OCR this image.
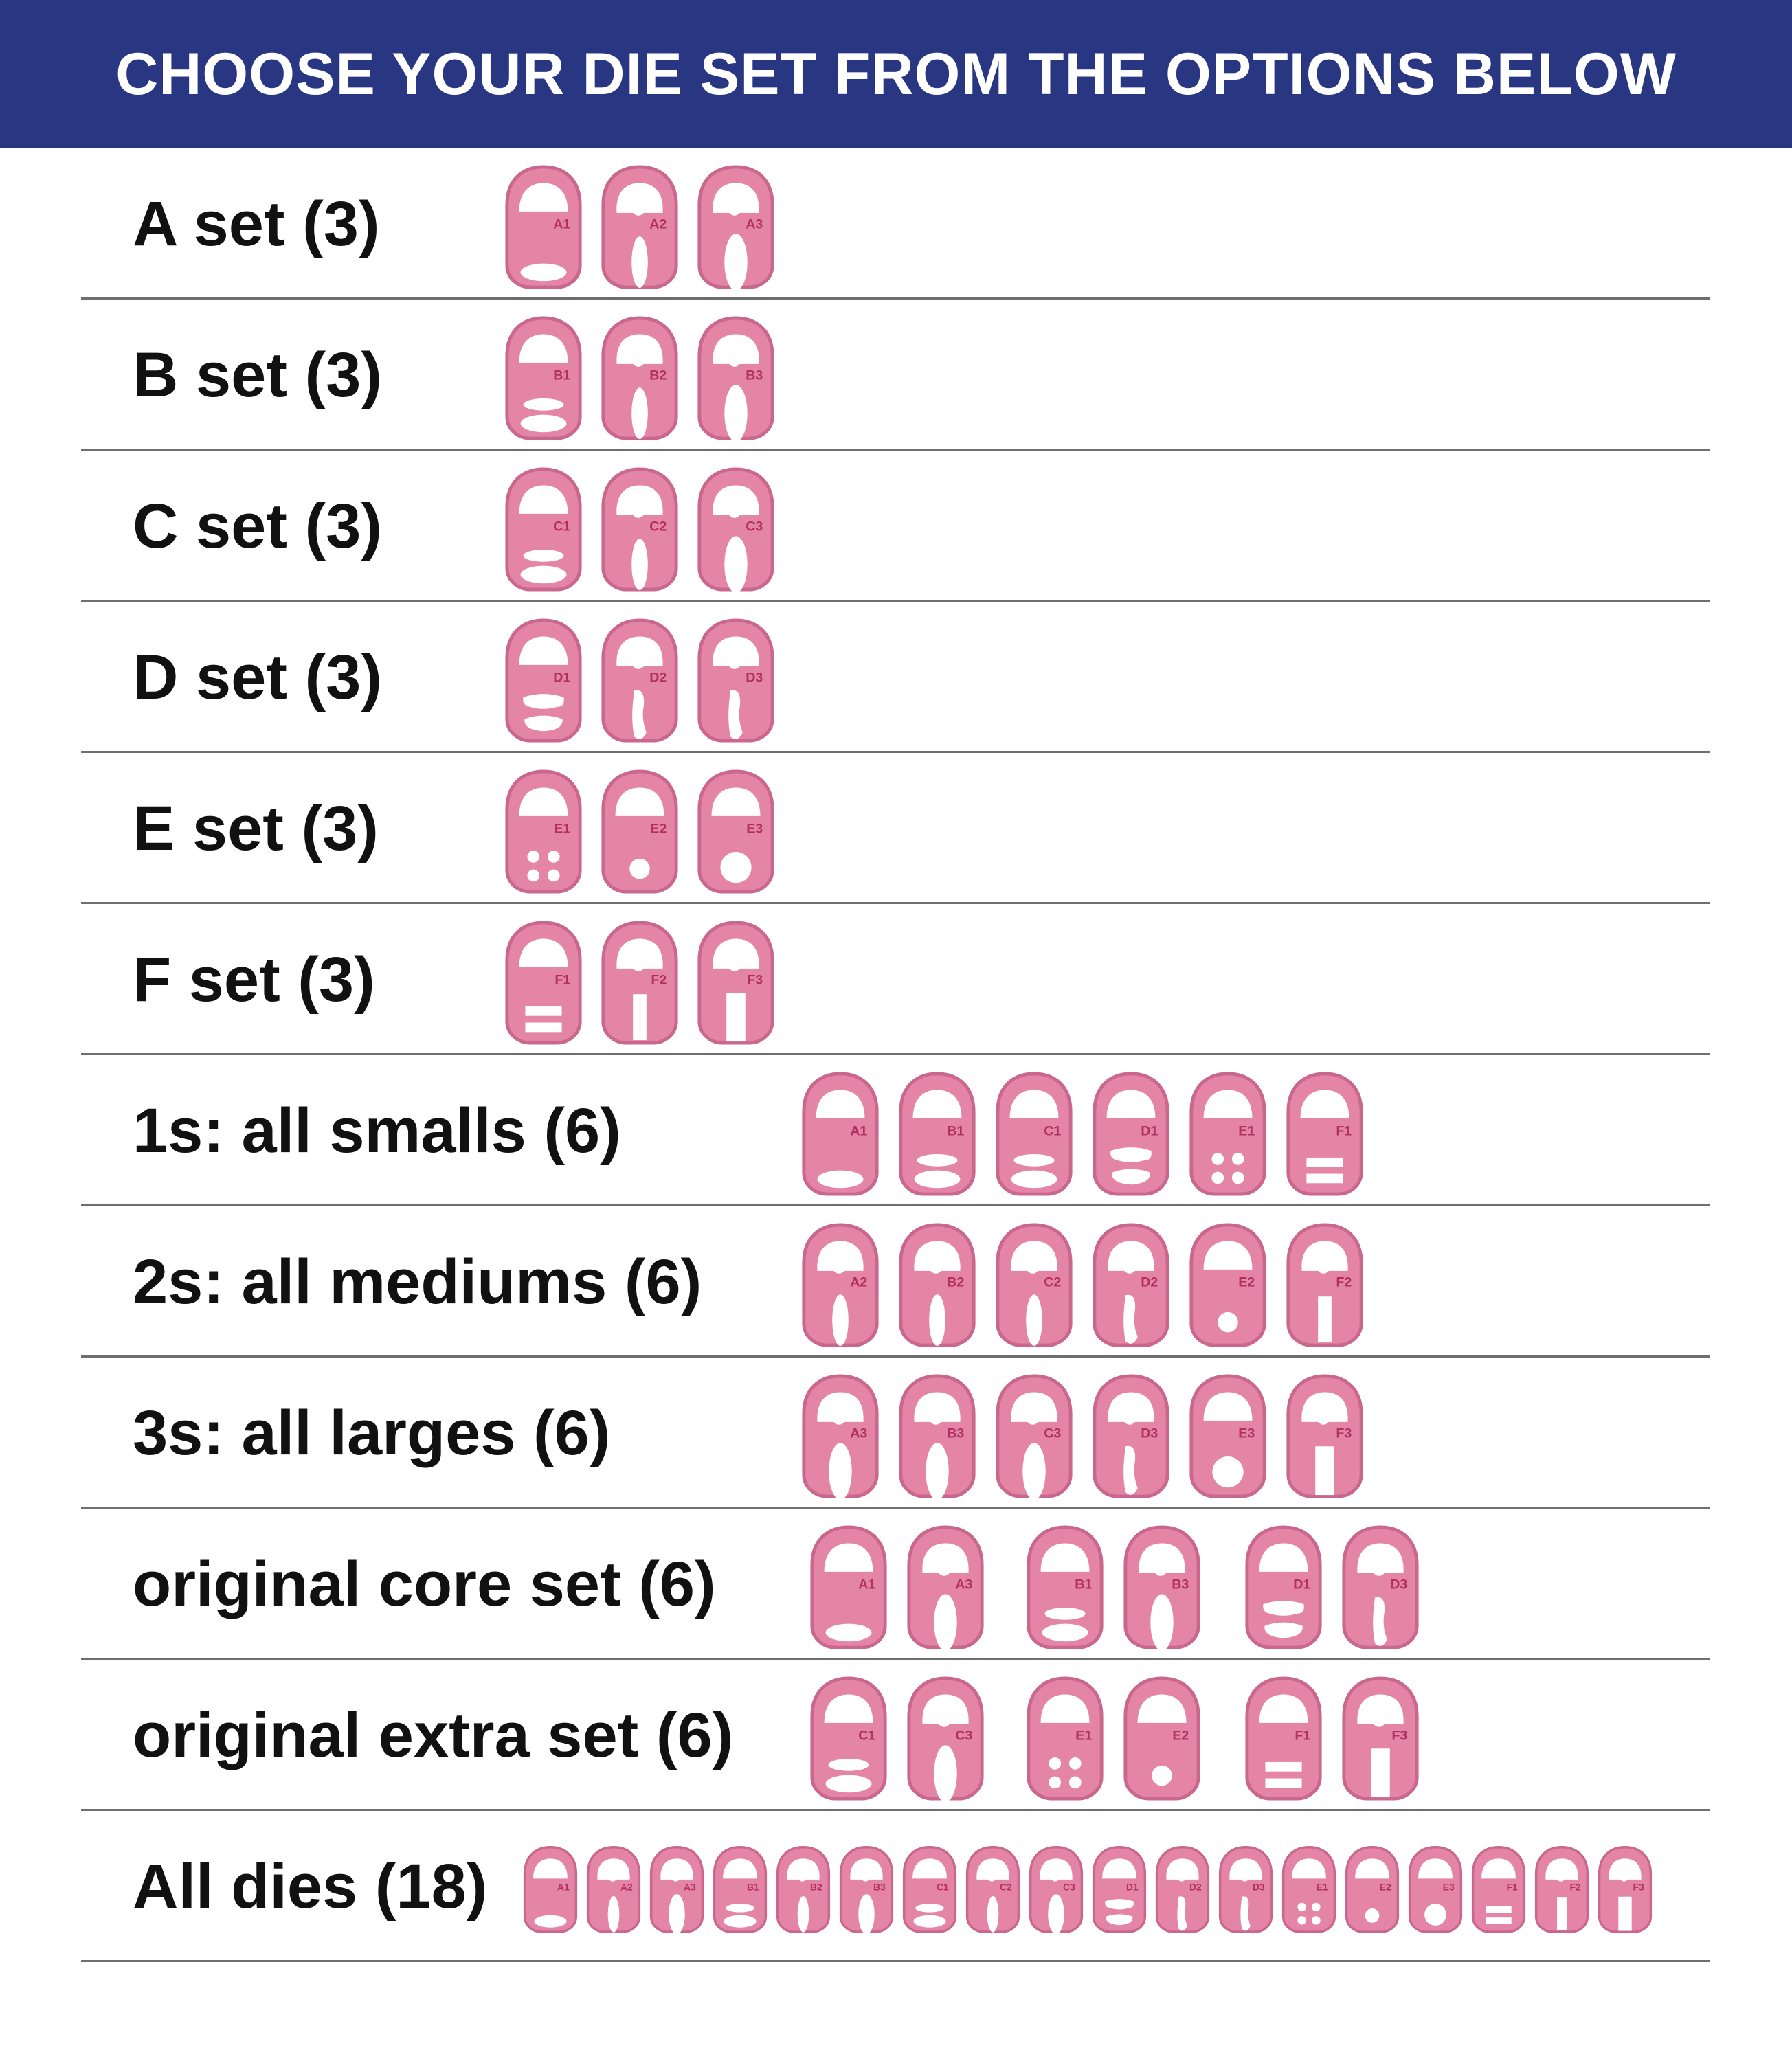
CHOOSE YOUR DIE SET FROM THE OPTIONS BELOW
A set (3)	A1	A2	A3
B set (3)	B1	B2	B3
C set (3)	C1	C2	C3
D set (3)	D1	D2	D3
E set (3)	E1	E2	E3
F set (3)	F1	F2	F3
1s: all smalls (6)	A1	B1	C1	D1	E1	F1
2s: all mediums (6)	A2	B2	C2	D2	E2	F2
3s: all larges (6)	A3	B3	C3	D3	E3	F3
original core set (6)	A1	A3	B1	B3	D1	D3
original extra set (6)	C1	C3	E1	E2	F1	F3
All dies (18)	A1	A2	A3	B1	B2	B3	C1	C2	C3	D1	D2	D3	E1	E2	E3	F1	F2	F3
